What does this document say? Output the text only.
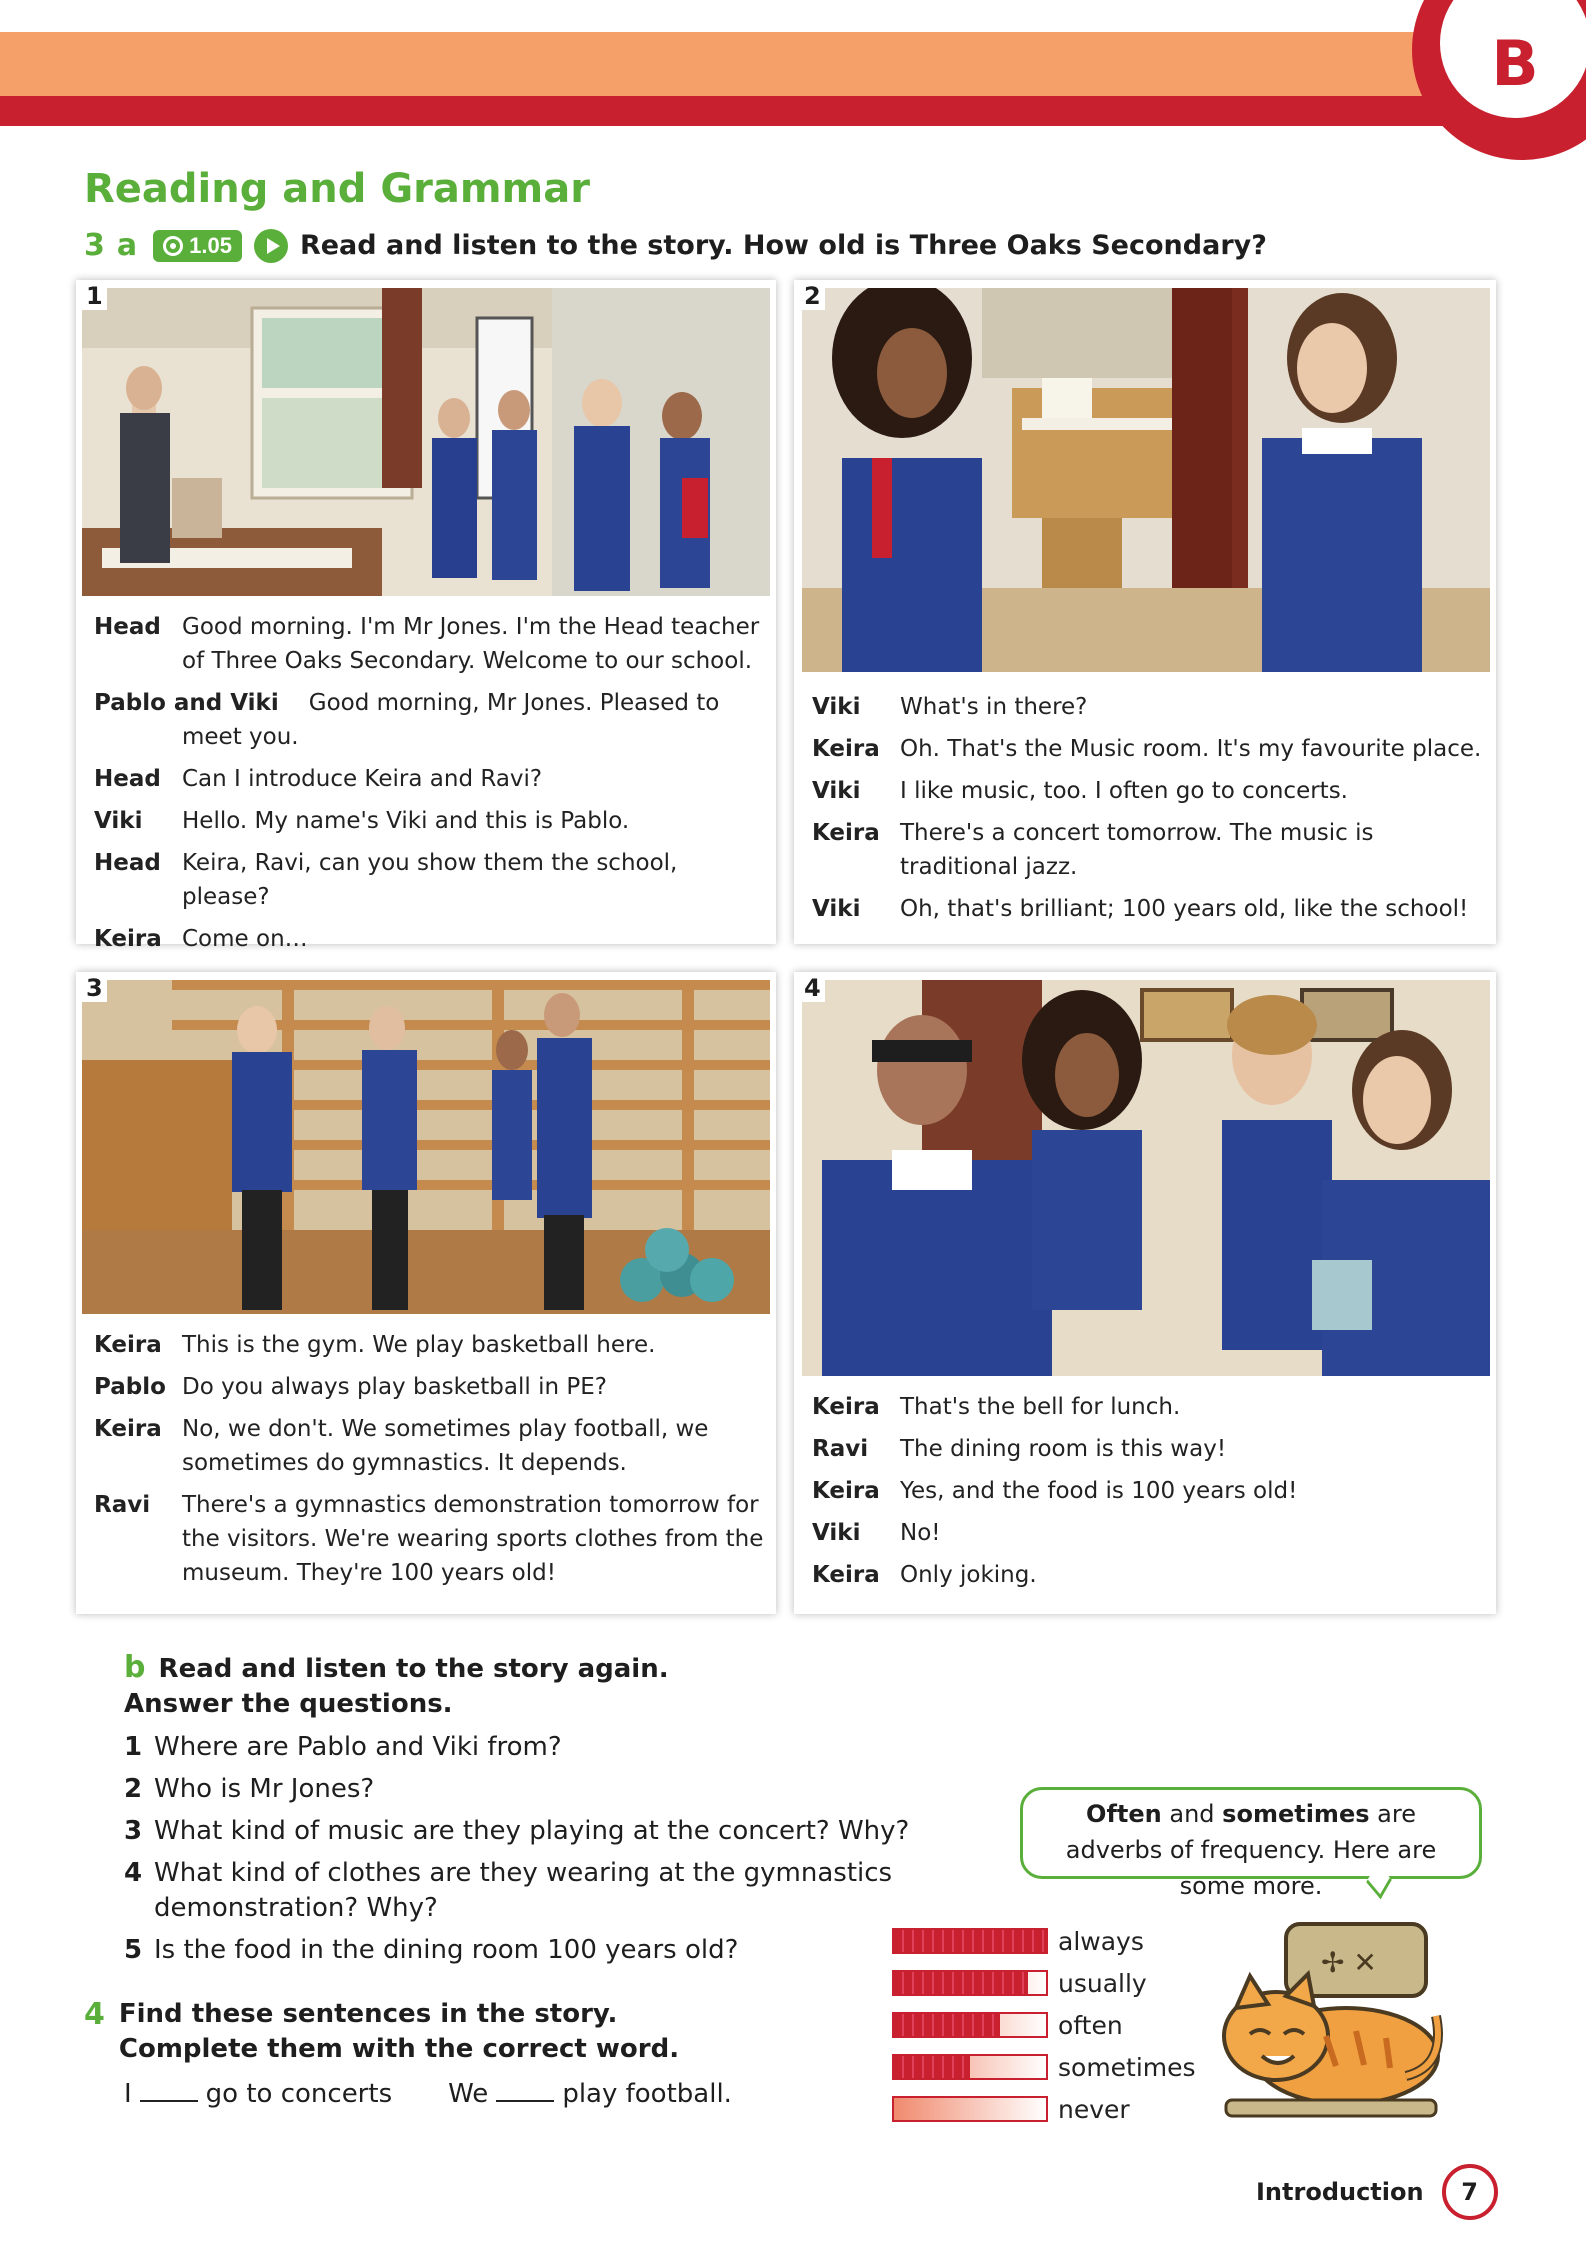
B
Reading and Grammar
3 a 1.05	Read and listen to the story. How old is Three Oaks Secondary?
1
Head Good morning. I'm Mr Jones. I'm the Head teacher of Three Oaks Secondary. Welcome to our school.
Pablo and Viki Good morning, Mr Jones. Pleased to
meet you.
Head Can I introduce Keira and Ravi?
Viki	Hello. My name's Viki and this is Pablo.
Head Keira, Ravi, can you show them the school, please?
Keira Come on…
2
Viki	What's in there?
Keira Oh. That's the Music room. It's my favourite place.
Viki	I like music, too. I often go to concerts.
Keira There's a concert tomorrow. The music is traditional jazz.
Viki	Oh, that's brilliant; 100 years old, like the school!
3
Keira This is the gym. We play basketball here.
Pablo Do you always play basketball in PE?
Keira No, we don't. We sometimes play football, we sometimes do gymnastics. It depends.
Ravi	There's a gymnastics demonstration tomorrow for the visitors. We're wearing sports clothes from the museum. They're 100 years old!
4
Keira That's the bell for lunch.
Ravi	The dining room is this way!
Keira Yes, and the food is 100 years old!
Viki	No!
Keira Only joking.
b Read and listen to the story again.
Answer the questions.
1 Where are Pablo and Viki from?
2 Who is Mr Jones?
3 What kind of music are they playing at the concert? Why?
4 What kind of clothes are they wearing at the gymnastics demonstration? Why?
5 Is the food in the dining room 100 years old?
4 Find these sentences in the story.
Complete them with the correct word.
I	go to concerts We	play football.
Often and sometimes are adverbs of frequency. Here are some more.
always
usually
often
sometimes
never
✢ ✕
Introduction	7
